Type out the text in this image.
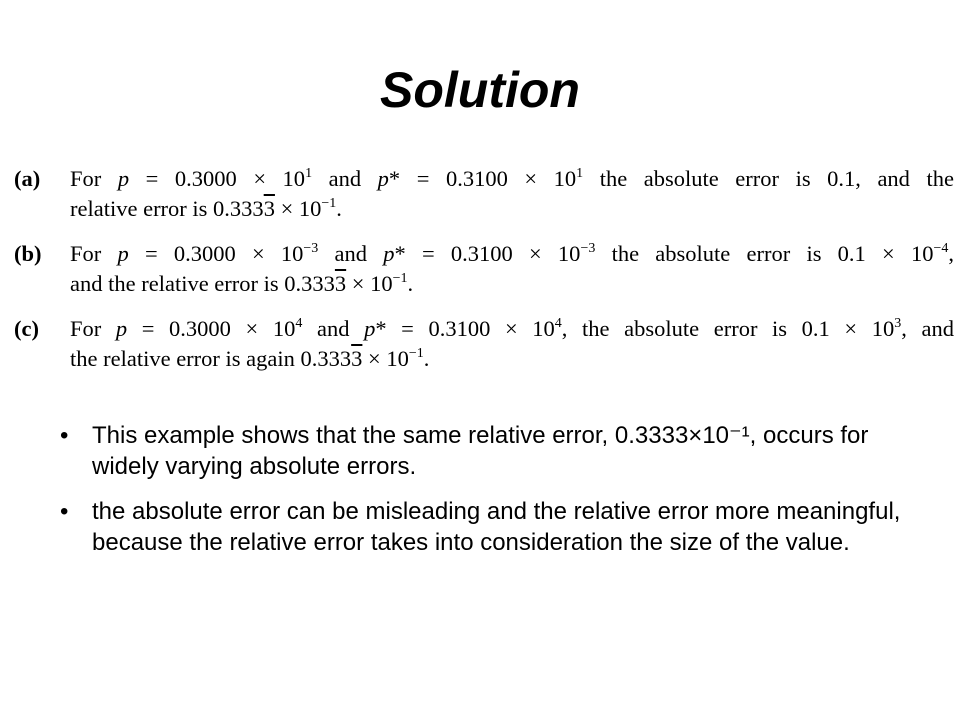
Solution
(a) For $p = 0.3000 \times 10^1$ and $p* = 0.3100 \times 10^1$ the absolute error is 0.1, and the
relative error is $0.3333 \times 10^{-1}$.
(b) For $p = 0.3000 \times 10^{-3}$ and $p* = 0.3100 \times 10^{-3}$ the absolute error is $0.1 \times 10^{-4}$,
and the relative error is $0.3333 \times 10^{-1}$.
(c) For $p = 0.3000 \times 10^4$ and $p* = 0.3100 \times 10^4$, the absolute error is $0.1 \times 10^3$, and
the relative error is again $0.3333 \times 10^{-1}$.
• This example shows that the same relative error, 0.3333×10⁻¹, occurs for widely varying absolute errors.
• the absolute error can be misleading and the relative error more meaningful, because the relative error takes into consideration the size of the value.
